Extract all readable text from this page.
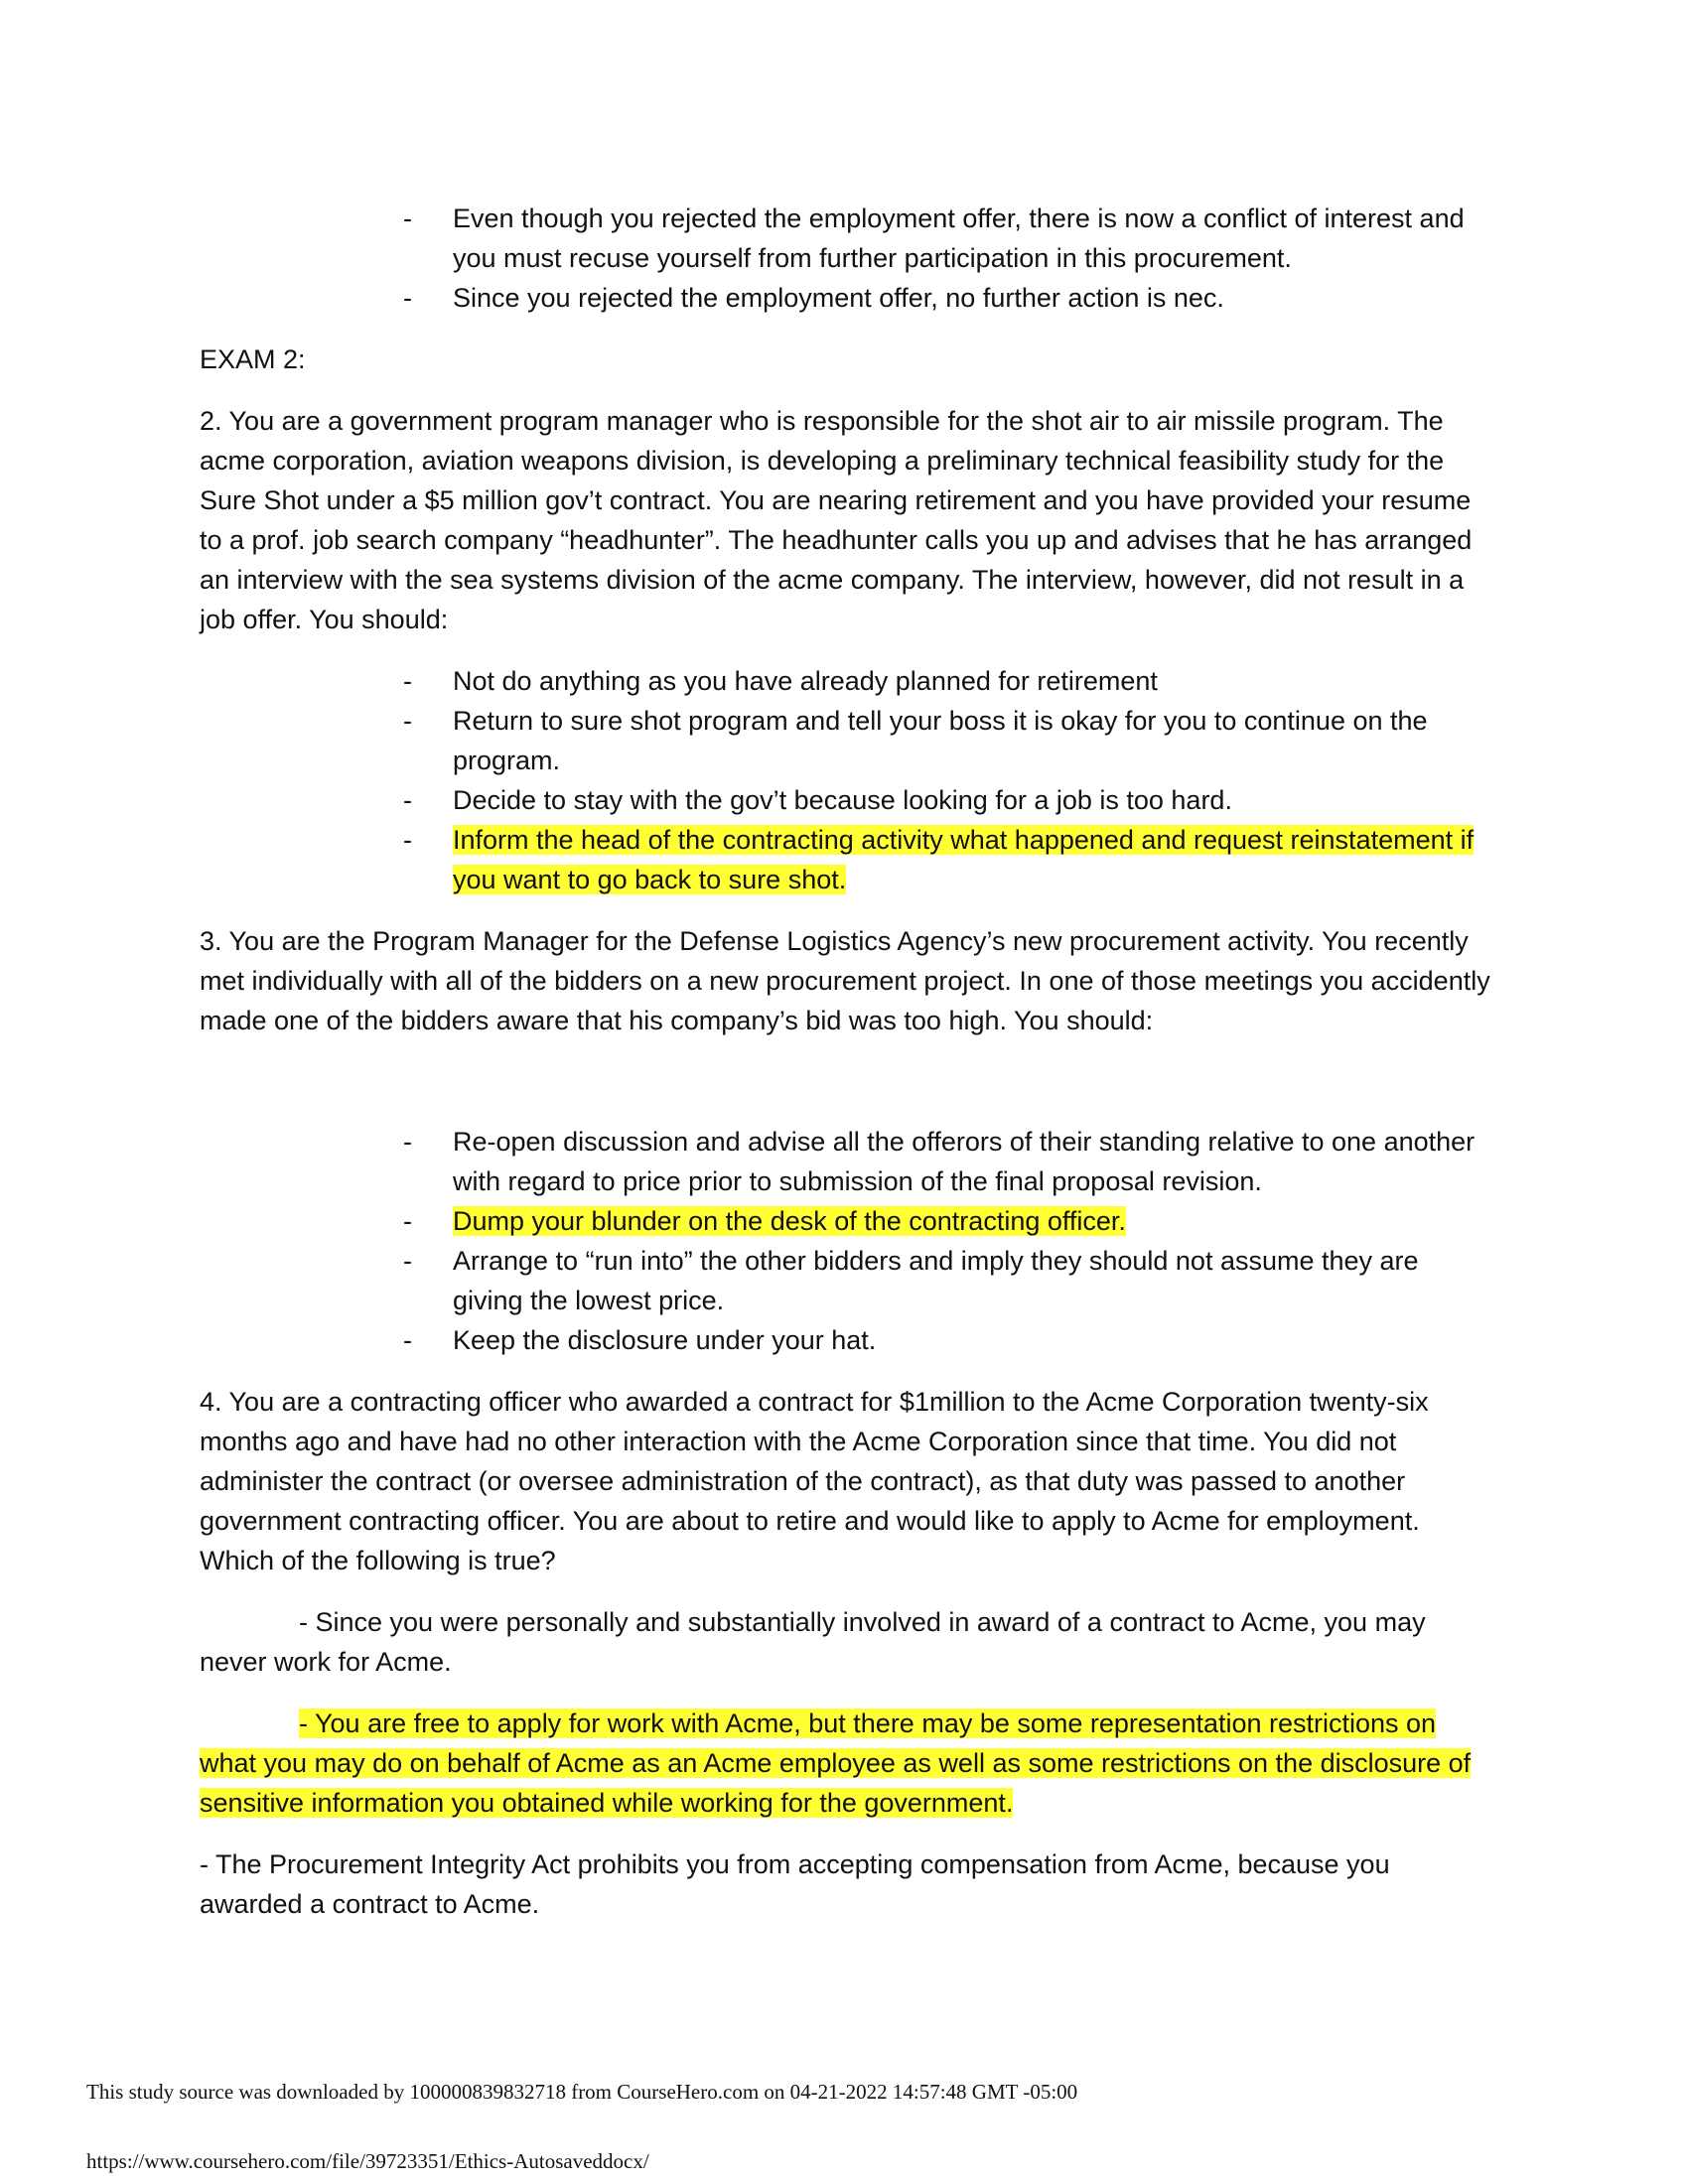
- Even though you rejected the employment offer, there is now a conflict of interest and you must recuse yourself from further participation in this procurement.
- Since you rejected the employment offer, no further action is nec.

EXAM 2:

2. You are a government program manager who is responsible for the shot air to air missile program. The acme corporation, aviation weapons division, is developing a preliminary technical feasibility study for the Sure Shot under a $5 million gov’t contract. You are nearing retirement and you have provided your resume to a prof. job search company “headhunter”. The headhunter calls you up and advises that he has arranged an interview with the sea systems division of the acme company. The interview, however, did not result in a job offer. You should:

- Not do anything as you have already planned for retirement
- Return to sure shot program and tell your boss it is okay for you to continue on the program.
- Decide to stay with the gov’t because looking for a job is too hard.
- Inform the head of the contracting activity what happened and request reinstatement if you want to go back to sure shot.

3. You are the Program Manager for the Defense Logistics Agency’s new procurement activity. You recently met individually with all of the bidders on a new procurement project. In one of those meetings you accidently made one of the bidders aware that his company’s bid was too high. You should:

- Re-open discussion and advise all the offerors of their standing relative to one another with regard to price prior to submission of the final proposal revision.
- Dump your blunder on the desk of the contracting officer.
- Arrange to “run into” the other bidders and imply they should not assume they are giving the lowest price.
- Keep the disclosure under your hat.

4. You are a contracting officer who awarded a contract for $1million to the Acme Corporation twenty-six months ago and have had no other interaction with the Acme Corporation since that time. You did not administer the contract (or oversee administration of the contract), as that duty was passed to another government contracting officer. You are about to retire and would like to apply to Acme for employment. Which of the following is true?

- Since you were personally and substantially involved in award of a contract to Acme, you may never work for Acme.

- You are free to apply for work with Acme, but there may be some representation restrictions on what you may do on behalf of Acme as an Acme employee as well as some restrictions on the disclosure of sensitive information you obtained while working for the government.

- The Procurement Integrity Act prohibits you from accepting compensation from Acme, because you awarded a contract to Acme.

This study source was downloaded by 100000839832718 from CourseHero.com on 04-21-2022 14:57:48 GMT -05:00
https://www.coursehero.com/file/39723351/Ethics-Autosaveddocx/
